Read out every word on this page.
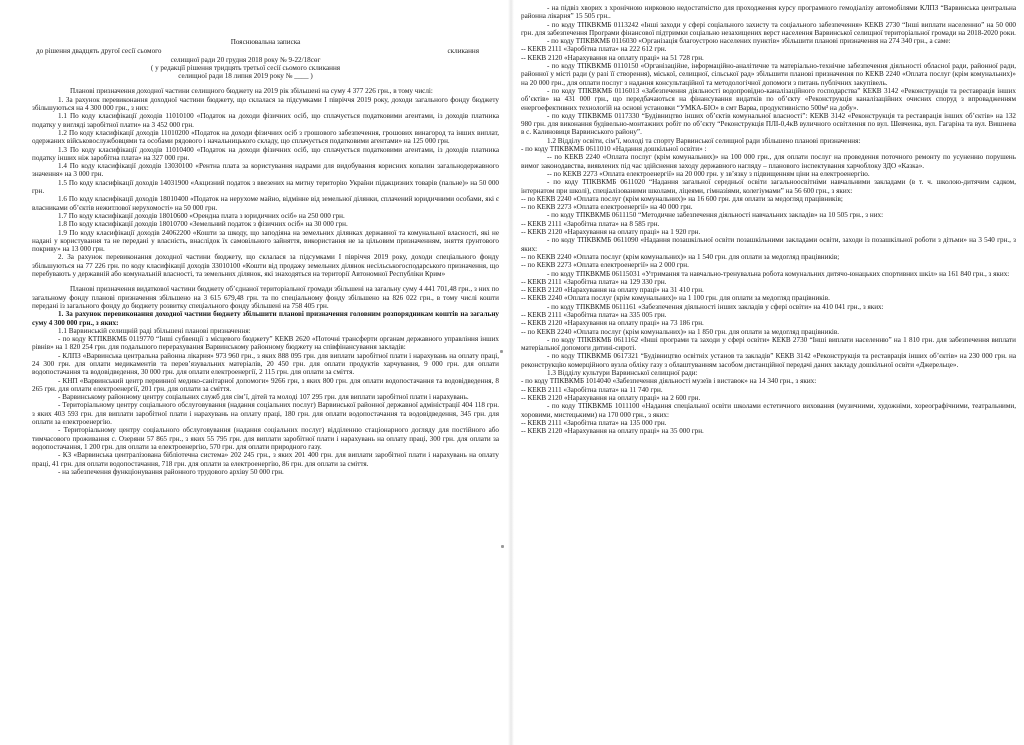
Пояснювальна записка
до рішення двадцять другої сесії сьомого	скликання
селищної ради 20 грудня 2018 року № 9-22/18сөг
( у редакції рішення тридцять третьої сесії сьомого скликання
селищної ради 18 липня 2019 року № ____ )

Плановi призначення доходної частини селищного бюджету на 2019 рік збільшені на суму 4 377 226 грн., в тому числі:

1. За рахунок перевиконання доходної частини бюджету, що склалася за підсумками I півріччя 2019 року, доходи загального фонду бюджету збільшуються на 4 300 000 грн., з них:

1.1 По коду класифікації доходів 11010100 «Податок на доходи фізичних осіб, що сплачується податковими агентами, із доходів платника податку у вигляді заробітної плати» на 3 452 000 грн.

1.2 По коду класифікації доходів 11010200 «Податок на доходи фізичних осіб з грошового забезпечення, грошових винагород та інших виплат, одержаних військовослужбовцями та особами рядового і начальницького складу, що сплачується податковими агентами» на 125 000 грн.

1.3 По коду класифікації доходів 11010400 «Податок на доходи фізичних осіб, що сплачується податковими агентами, із доходів платника податку інших ніж заробітна плата» на 327 000 грн.

1.4 По коду класифікації доходів 13030100 «Рентна плата за користування надрами для видобування корисних копалин загальнодержавного значення» на 3 000 грн.

1.5 По коду класифікації доходів 14031900 «Акцизний податок з ввезених на митну територію України підакцизних товарів (пальне)» на 50 000 грн.

1.6 По коду класифікації доходів 18010400 «Податок на нерухоме майно, відмінне від земельної ділянки, сплачений юридичними особами, які є власниками об’єктів нежитлової нерухомості» на 50 000 грн.

1.7 По коду класифікації доходів 18010600 «Орендна плата з юридичних осіб» на 250 000 грн.

1.8 По коду класифікації доходів 18010700 «Земельний податок з фізичних осіб» на 30 000 грн.

1.9 По коду класифікації доходів 24062200 «Кошти за шкоду, що заподіяна на земельних ділянках державної та комунальної власності, які не надані у користування та не передані у власність, внаслідок їх самовільного зайняття, використання не за цільовим призначенням, зняття ґрунтового покриву» на 13 000 грн.

2. За рахунок перевиконання доходної частини бюджету, що склалася за підсумками I півріччя 2019 року, доходи спеціального фонду збільшуються на 77 226 грн. по коду класифікації доходів 33010100 «Кошти від продажу земельних ділянок несільськогосподарського призначення, що перебувають у державній або комунальній власності, та земельних ділянок, які знаходяться на території Автономної Республіки Крим»

Плановi призначення видаткової частини бюджету об’єднаної територіальної громади збільшені на загальну суму 4 441 701,48 грн., з них по загальному фонду планові призначення збільшено на 3 615 679,48 грн. та по спеціальному фонду збільшено на 826 022 грн., в тому числі кошти передані із загального фонду до бюджету розвитку спеціального фонду збільшені на 758 405 грн.

1. За рахунок перевиконання доходної частини бюджету збільшити планові призначення головним розпорядникам коштів на загальну суму 4 300 000 грн., з яких:

1.1 Варвинській селищній раді збільшені планові призначення:

- по коду КТПКВКМБ 0119770 “Інші субвенції з місцевого бюджету” КЕКВ 2620 «Поточні трансферти органам державного управління інших рівнів» на 1 820 254 грн. для подальшого перерахування Варвинському районному бюджету на співфінансування закладів:

- КЛПЗ «Варвинська центральна районна лікарня» 973 960 грн., з яких 888 095 грн. для виплати заробітної плати і нарахувань на оплату праці, 24 300 грн. для оплати медикаментів та перев’язувальних матеріалів, 20 450 грн. для оплати продуктів харчування, 9 000 грн. для оплати водопостачання та водовідведення, 30 000 грн. для оплати електроенергії, 2 115 грн. для оплати за сміття.

- КНП «Варвинський центр первинної медико-санітарної допомоги» 9266 грн, з яких 800 грн. для оплати водопостачання та водовідведення, 8 265 грн. для оплати електроенергії, 201 грн. для оплати за сміття.

- Варвинському районному центру соціальних служб для сім’ї, дітей та молоді 107 295 грн. для виплати заробітної плати і нарахувань.

- Територіальному центру соціального обслуговування (надання соціальних послуг) Варвинської районної державної адміністрації 404 118 грн. з яких 403 593 грн. для виплати заробітної плати і нарахувань на оплату праці, 180 грн. для оплати водопостачання та водовідведення, 345 грн. для оплати за електроенергію.

- Територіальному центру соціального обслуговування (надання соціальних послуг) відділенню стаціонарного догляду для постійного або тимчасового проживання с. Озеряни 57 865 грн., з яких 55 795 грн. для виплати заробітної плати і нарахувань на оплату праці, 300 грн. для оплати за водопостачання, 1 200 грн. для оплати за електроенергію, 570 грн. для оплати природного газу.

- КЗ «Варвинська централізована бібліотечна система» 202 245 грн., з яких 201 400 грн. для виплати заробітної плати і нарахувань на оплату праці, 41 грн. для оплати водопостачання, 718 грн. для оплати за електроенергію, 86 грн. для оплати за сміття.

- на забезпечення функціонування районного трудового архіву 50 000 грн.

- на підвіз хворих з хронічною нирковою недостатністю для проходження курсу програмного гемодіалізу автомобілями КЛПЗ “Варвинська центральна районна лікарня” 15 505 грн..

- по коду ТПКВКМБ 0113242 «Інші заходи у сфері соціального захисту та соціального забезпечення» КЕКВ 2730 “Інші виплати населенню” на 50 000 грн. для забезпечення Програми фінансової підтримки соціально незахищених верст населення Варвинської селищної територіальної громади на 2018-2020 роки.

- по коду ТПКВКМБ 0116030 «Організація благоустрою населених пунктів» збільшити планові призначення на 274 340 грн., а саме:

-- КЕКВ 2111 «Заробітна плата» на 222 612 грн.

-- КЕКВ 2120 «Нарахування на оплату праці» на 51 728 грн.

- по коду ТПКВКМБ 0110150 «Організаційне, інформаційно-аналітичне та матеріально-технічне забезпечення діяльності обласної ради, районної ради, районної у місті ради (у разі її створення), міської, селищної, сільської рад» збільшити планові призначення по КЕКВ 2240 «Оплата послуг (крім комунальних)» на 20 000 грн., для оплати послуг з надання консультаційної та методологічної допомоги з питань публічних закупівель.

- по коду ТПКВКМБ 0116013 «Забезпечення діяльності водопровідно-каналізаційного господарства” КЕКВ 3142 «Реконструкція та реставрація інших об’єктів» на 431 000 грн., що передбачаються на фінансування видатків по об’єкту «Реконструкція каналізаційних очисних споруд з впровадженням енергоефективних технологій на основі установки “УМКА-БІО» в смт Варва, продуктивністю 500м³ на добу».

- по коду ТПКВКМБ 0117330 “Будівництво інших об’єктів комунальної власності”: КЕКВ 3142 «Реконструкція та реставрація інших об’єктів» на 132 980 грн. для виконання будівельно-монтажних робіт по об’єкту “Реконструкція ПЛІ-0,4кВ вуличного освітлення по вул. Шевченка, вул. Гагаріна та вул. Вишнева в с. Калиновиця Варвинського району”.

1.2 Відділу освіти, сім’ї, молоді та спорту Варвинської селищної ради збільшено планові призначення:

- по коду ТПКВКМБ 0611010 «Надання дошкільної освіти» :

-- по КЕКВ 2240 «Оплата послуг (крім комунальних)» на 100 000 грн., для оплати послуг на проведення поточного ремонту по усуненню порушень вимог законодавства, виявлених під час здійснення заходу державного нагляду – планового інспектування харчоблоку ЗДО «Казка».

-- по КЕКВ 2273 «Оплата електроенергії» на 20 000 грн. у зв’язку з підвищенням ціни на електроенергію.

- по коду ТПКВКМБ 0611020 “Надання загальної середньої освіти загальноосвітніми навчальними закладами (в т. ч. школою-дитячим садком, інтернатом при школі), спеціалізованими школами, ліцеями, гімназіями, колегіумами” на 56 600 грн., з яких:

-- по КЕКВ 2240 «Оплата послуг (крім комунальних)» на 16 600 грн. для оплати за медогляд працівників;

-- по КЕКВ 2273 «Оплата електроенергії» на 40 000 грн.

- по коду ТПКВКМБ 0611150 “Методичне забезпечення діяльності навчальних закладів» на 10 505 грн., з них:

-- КЕКВ 2111 «Заробітна плата» на 8 585 грн.

-- КЕКВ 2120 «Нарахування на оплату праці» на 1 920 грн.

- по коду ТПКВКМБ 0611090 «Надання позашкільної освіти позашкільними закладами освіти, заходи із позашкільної роботи з дітьми» на 3 540 грн., з яких:

-- по КЕКВ 2240 «Оплата послуг (крім комунальних)» на 1 540 грн. для оплати за медогляд працівників;

-- по КЕКВ 2273 «Оплата електроенергії» на 2 000 грн.

- по коду ТПКВКМБ 06115031 «Утримання та навчально-тренувальна робота комунальних дитячо-юнацьких спортивних шкіл» на 161 840 грн., з яких:

-- КЕКВ 2111 «Заробітна плата» на 129 330 грн.

-- КЕКВ 2120 «Нарахування на оплату праці» на 31 410 грн.

-- КЕКВ 2240 «Оплата послуг (крім комунальних)» на 1 100 грн. для оплати за медогляд працівників.

- по коду ТПКВКМБ 0611161 «Забезпечення діяльності інших закладів у сфері освіти» на 410 041 грн., з яких:

-- КЕКВ 2111 «Заробітна плата» на 335 005 грн.

-- КЕКВ 2120 «Нарахування на оплату праці» на 73 186 грн.

-- по КЕКВ 2240 «Оплата послуг (крім комунальних)» на 1 850 грн. для оплати за медогляд працівників.

- по коду ТПКВКМБ 0611162 «Інші програми та заходи у сфері освіти» КЕКВ 2730 “Інші виплати населенню” на 1 810 грн. для забезпечення виплати матеріальної допомоги дитині-сироті.

- по коду ТПКВКМБ 0617321 “Будівництво освітніх установ та закладів” КЕКВ 3142 «Реконструкція та реставрація інших об’єктів» на 230 000 грн. на реконструкцію комерційного вузла обліку газу з облаштуванням засобом дистанційної передачі даних закладу дошкільної освіти «Джерельце».

1.3 Відділу культури Варвинської селищної ради:

- по коду ТПКВКМБ 1014040 «Забезпечення діяльності музеїв і виставок» на 14 340 грн., з яких:

-- КЕКВ 2111 «Заробітна плата» на 11 740 грн.

-- КЕКВ 2120 «Нарахування на оплату праці» на 2 600 грн.

- по коду ТПКВКМБ 1011100 «Надання спеціальної освіти школами естетичного виховання (музичними, художніми, хореографічними, театральними, хоровими, мистецькими) на 170 000 грн., з яких:

-- КЕКВ 2111 «Заробітна плата» на 135 000 грн.

-- КЕКВ 2120 «Нарахування на оплату праці» на 35 000 грн.
